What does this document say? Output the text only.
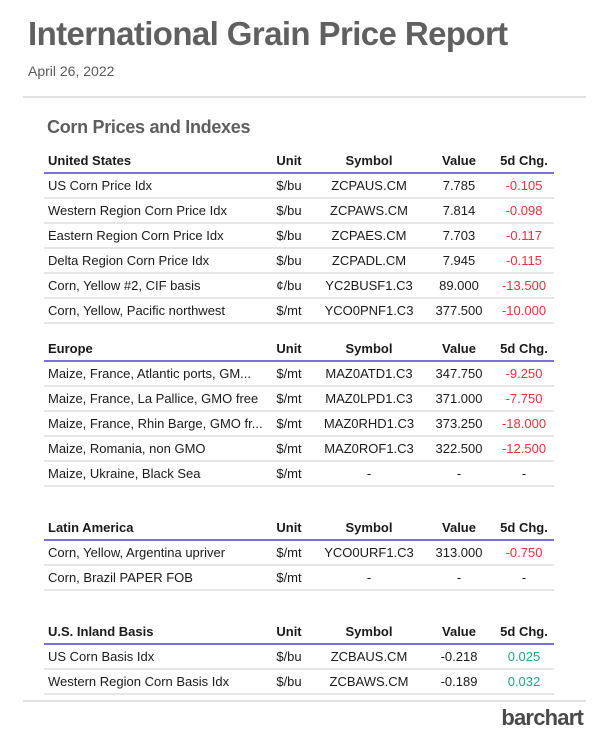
International Grain Price Report
April 26, 2022
Corn Prices and Indexes
United States	Unit	Symbol	Value	5d Chg.
US Corn Price Idx	$/bu	ZCPAUS.CM	7.785	-0.105
Western Region Corn Price Idx	$/bu	ZCPAWS.CM	7.814	-0.098
Eastern Region Corn Price Idx	$/bu	ZCPAES.CM	7.703	-0.117
Delta Region Corn Price Idx	$/bu	ZCPADL.CM	7.945	-0.115
Corn, Yellow #2, CIF basis	¢/bu	YC2BUSF1.C3	89.000	-13.500
Corn, Yellow, Pacific northwest	$/mt	YCO0PNF1.C3	377.500	-10.000
Europe	Unit	Symbol	Value	5d Chg.
Maize, France, Atlantic ports, GM...	$/mt	MAZ0ATD1.C3	347.750	-9.250
Maize, France, La Pallice, GMO free	$/mt	MAZ0LPD1.C3	371.000	-7.750
Maize, France, Rhin Barge, GMO fr...	$/mt	MAZ0RHD1.C3	373.250	-18.000
Maize, Romania, non GMO	$/mt	MAZ0ROF1.C3	322.500	-12.500
Maize, Ukraine, Black Sea	$/mt	-	-	-
Latin America	Unit	Symbol	Value	5d Chg.
Corn, Yellow, Argentina upriver	$/mt	YCO0URF1.C3	313.000	-0.750
Corn, Brazil PAPER FOB	$/mt	-	-	-
U.S. Inland Basis	Unit	Symbol	Value	5d Chg.
US Corn Basis Idx	$/bu	ZCBAUS.CM	-0.218	0.025
Western Region Corn Basis Idx	$/bu	ZCBAWS.CM	-0.189	0.032
barchart
